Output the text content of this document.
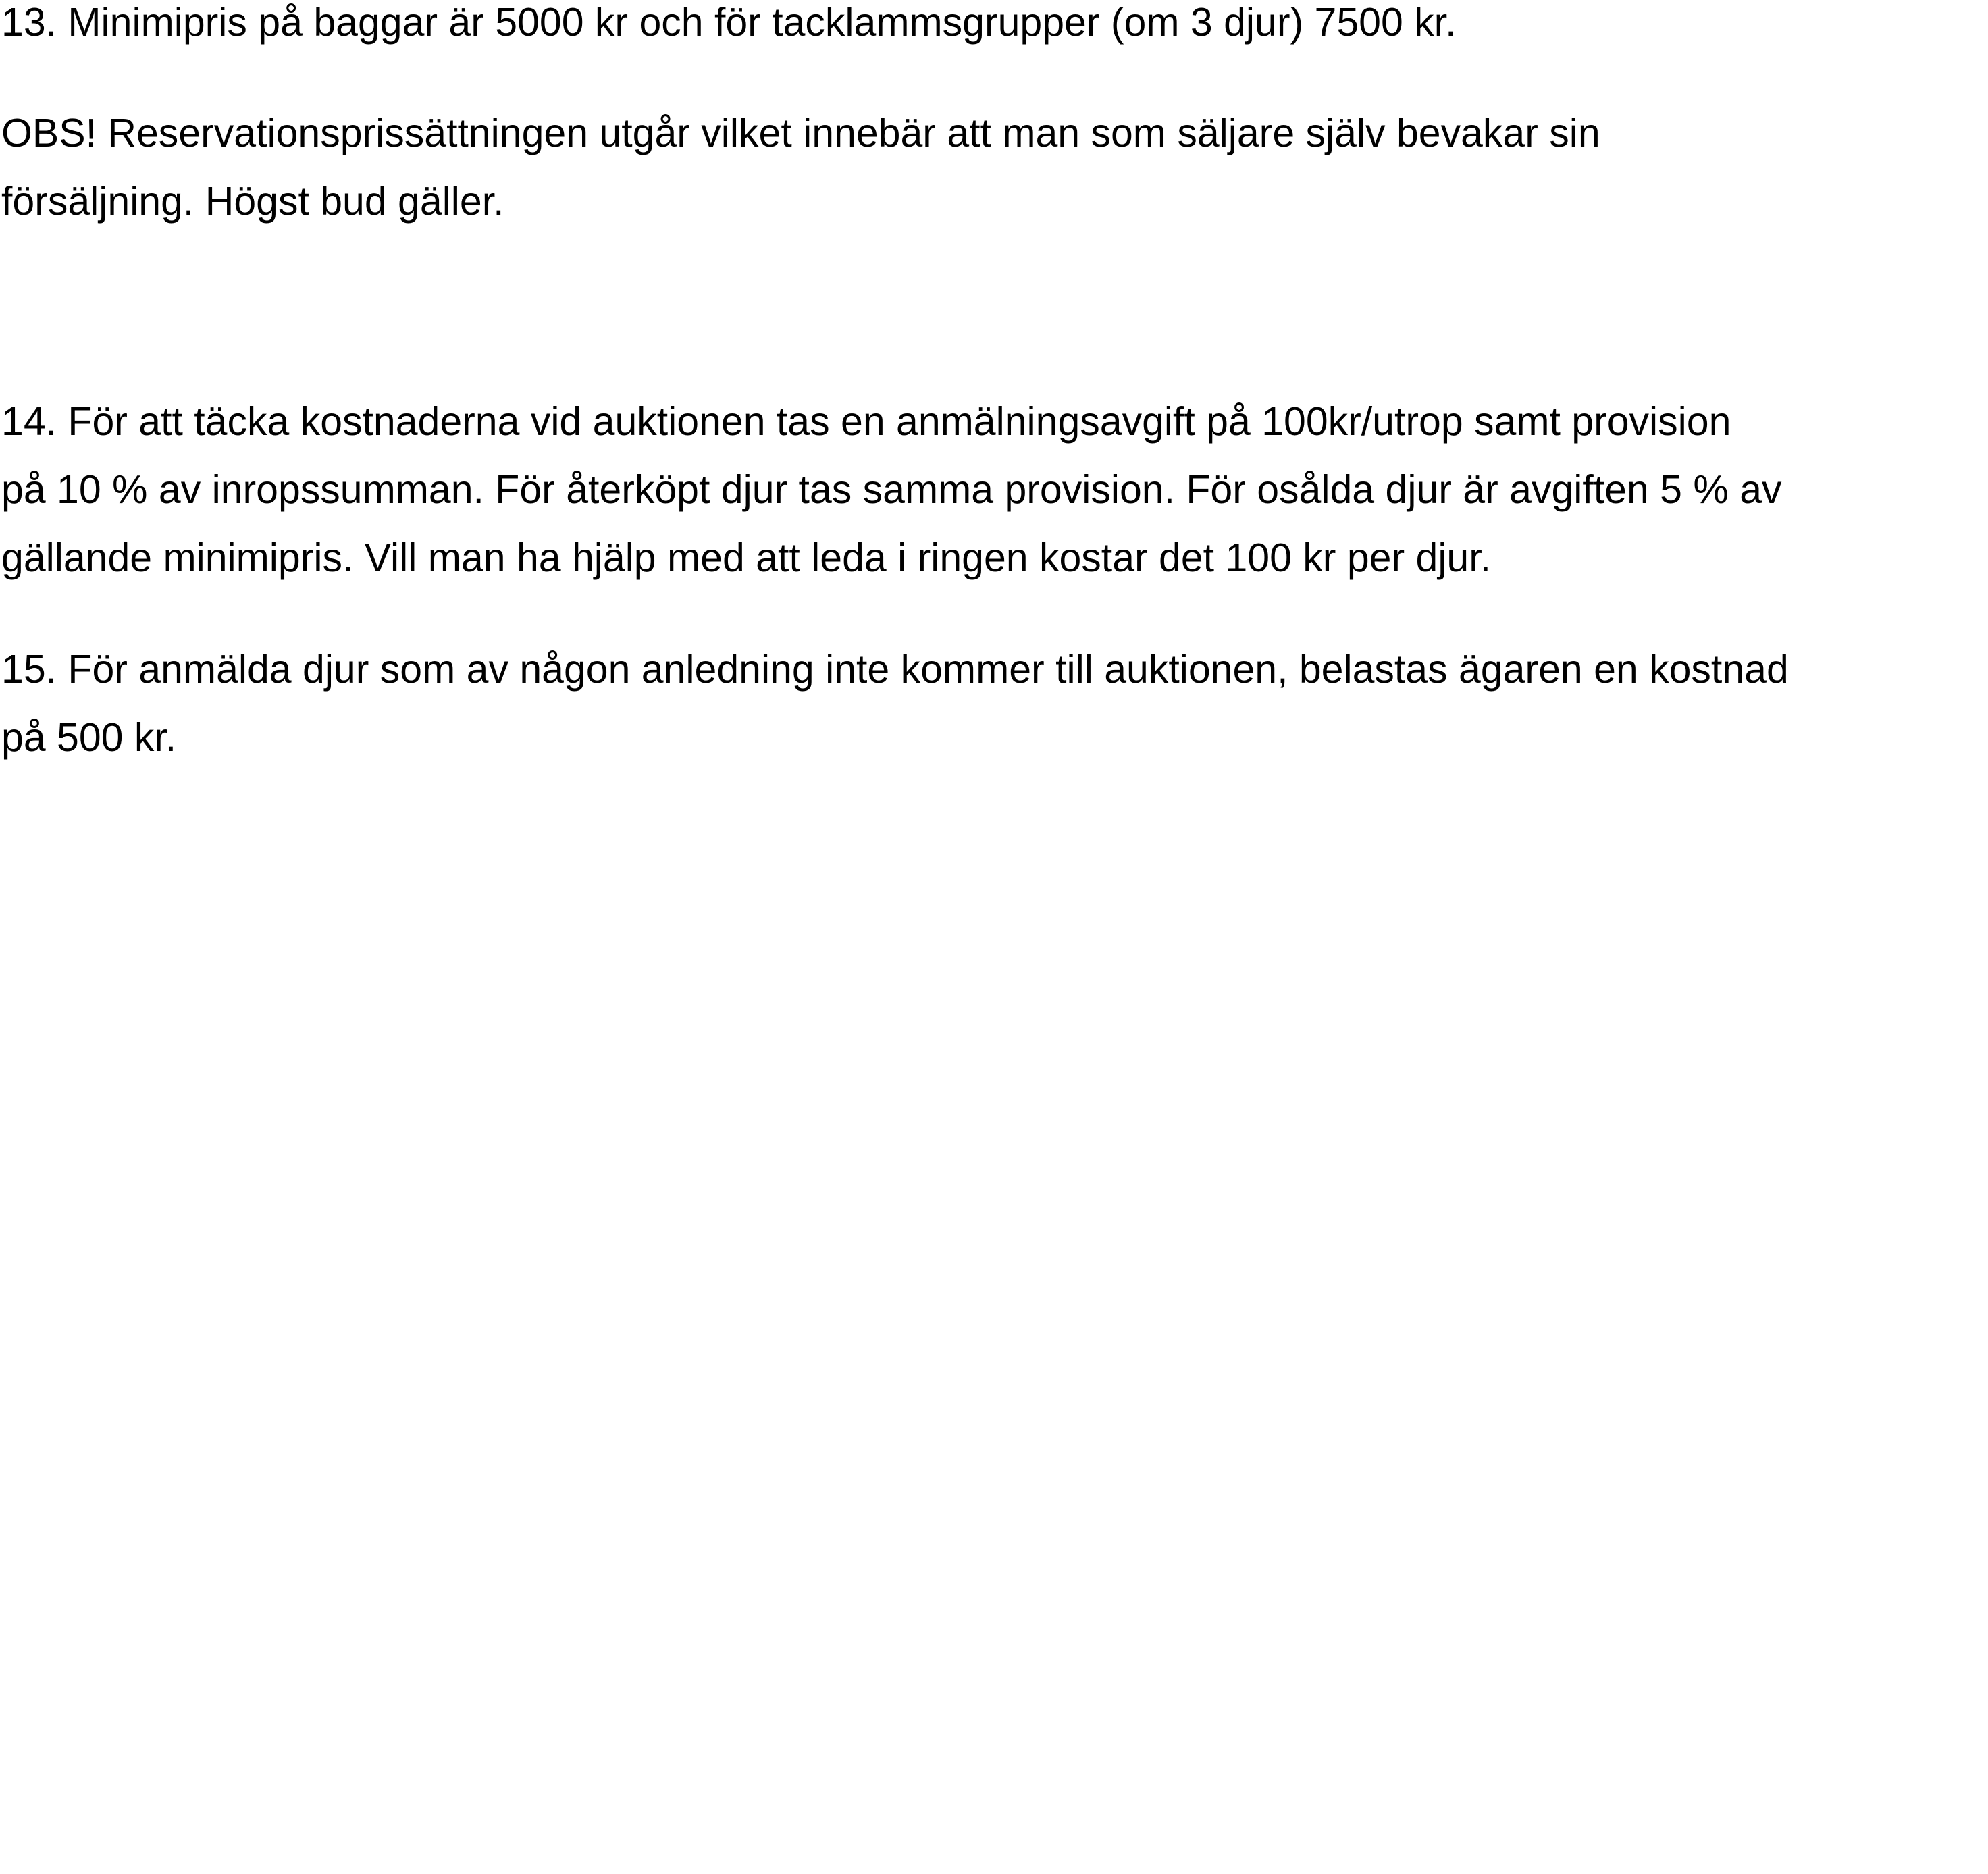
13. Minimipris på baggar är 5000 kr och för tacklammsgrupper (om 3 djur) 7500 kr.

OBS! Reservationsprissättningen utgår vilket innebär att man som säljare själv bevakar sin
försäljning. Högst bud gäller.

14. För att täcka kostnaderna vid auktionen tas en anmälningsavgift på 100kr/utrop samt provision
på 10 % av inropssumman. För återköpt djur tas samma provision. För osålda djur är avgiften 5 % av
gällande minimipris. Vill man ha hjälp med att leda i ringen kostar det 100 kr per djur.

15. För anmälda djur som av någon anledning inte kommer till auktionen, belastas ägaren en kostnad
på 500 kr.
